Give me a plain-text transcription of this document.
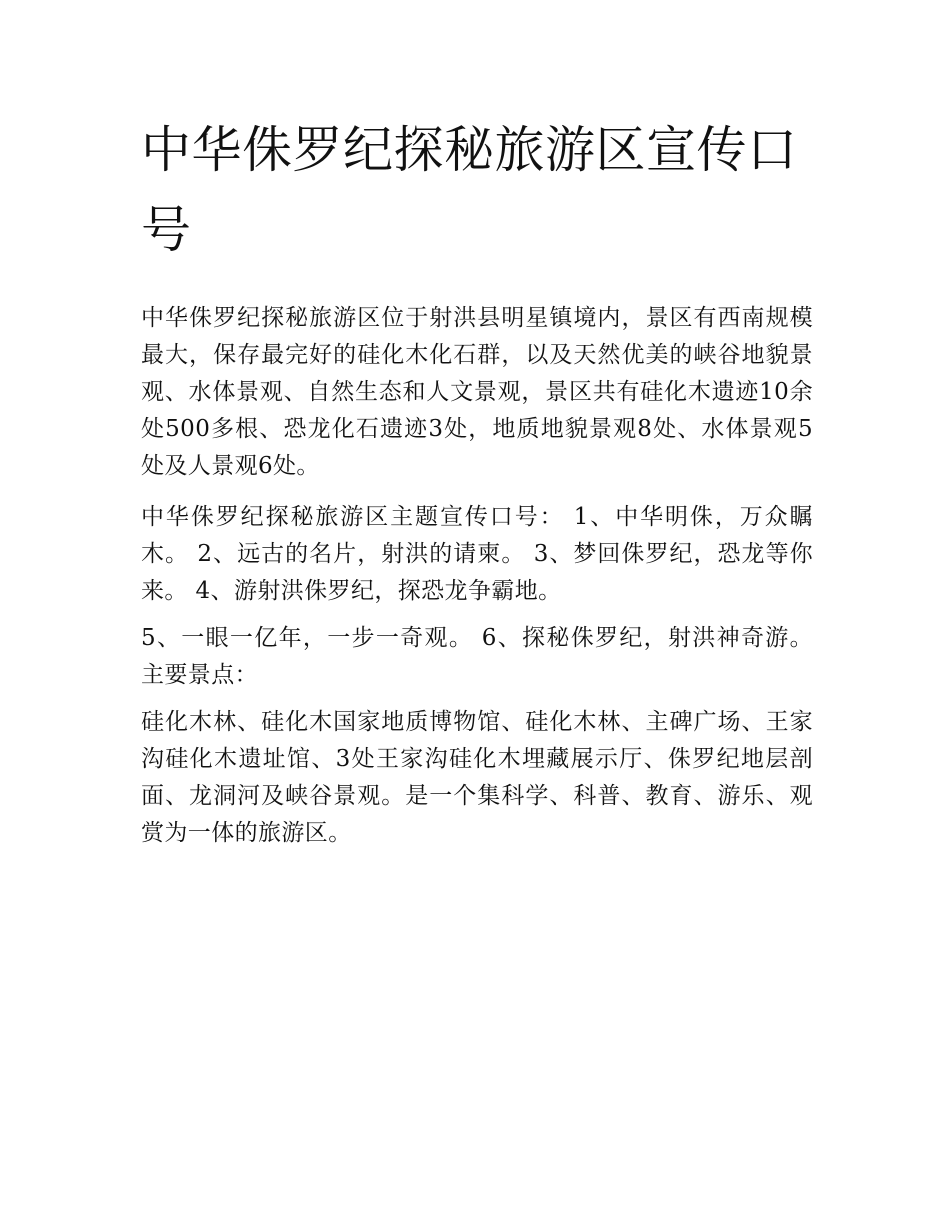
中华侏罗纪探秘旅游区宣传口号

中华侏罗纪探秘旅游区位于射洪县明星镇境内，景区有西南规模最大，保存最完好的硅化木化石群，以及天然优美的峡谷地貌景观、水体景观、自然生态和人文景观，景区共有硅化木遗迹10余处500多根、恐龙化石遗迹3处，地质地貌景观8处、水体景观5处及人景观6处。

中华侏罗纪探秘旅游区主题宣传口号： 1、中华明侏，万众瞩木。 2、远古的名片，射洪的请柬。 3、梦回侏罗纪，恐龙等你来。 4、游射洪侏罗纪，探恐龙争霸地。

5、一眼一亿年，一步一奇观。 6、探秘侏罗纪，射洪神奇游。 主要景点：

硅化木林、硅化木国家地质博物馆、硅化木林、主碑广场、王家沟硅化木遗址馆、3处王家沟硅化木埋藏展示厅、侏罗纪地层剖面、龙洞河及峡谷景观。是一个集科学、科普、教育、游乐、观赏为一体的旅游区。
